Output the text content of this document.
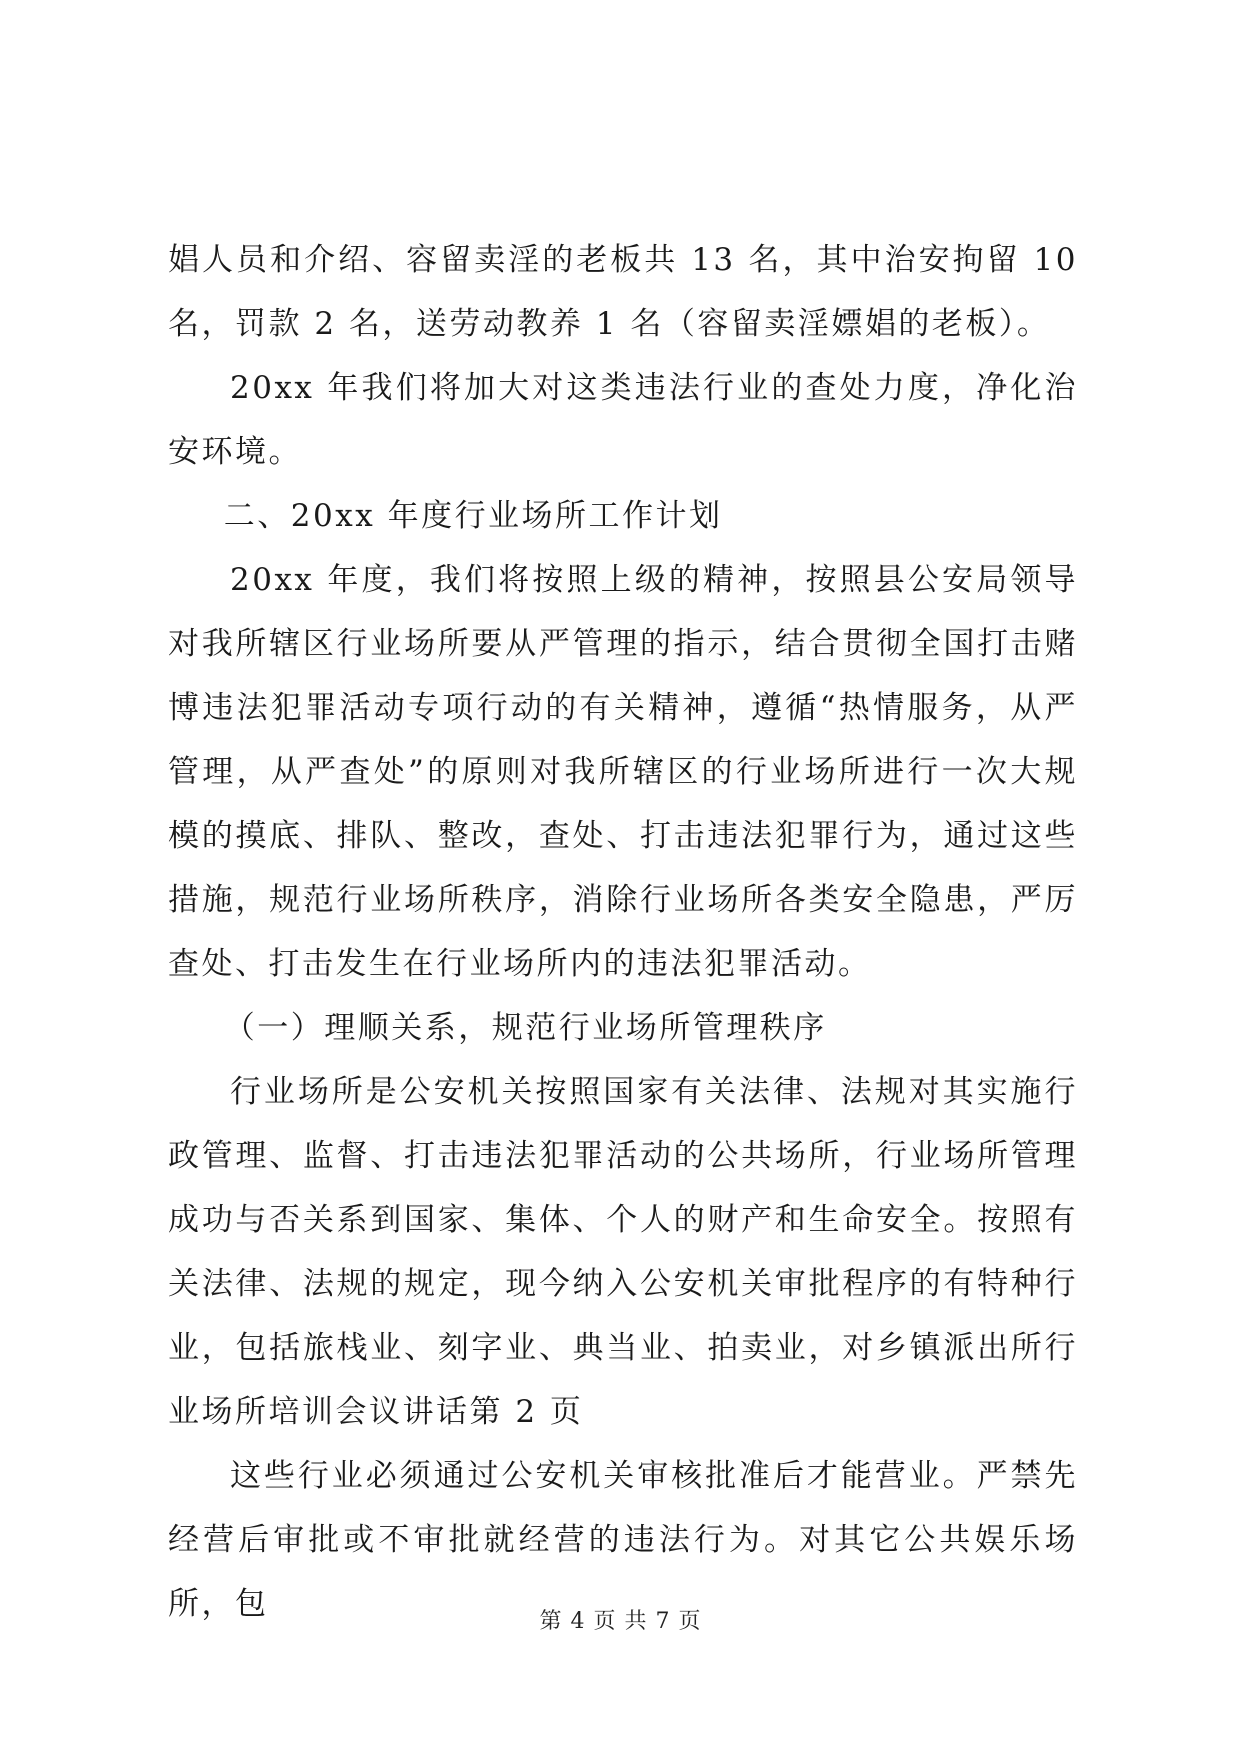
娼人员和介绍、容留卖淫的老板共 13 名，其中治安拘留 10 名，罚款 2 名，送劳动教养 1 名（容留卖淫嫖娼的老板）。

20xx 年我们将加大对这类违法行业的查处力度，净化治安环境。

二、20xx 年度行业场所工作计划

20xx 年度，我们将按照上级的精神，按照县公安局领导对我所辖区行业场所要从严管理的指示，结合贯彻全国打击赌博违法犯罪活动专项行动的有关精神，遵循“热情服务，从严管理，从严查处”的原则对我所辖区的行业场所进行一次大规模的摸底、排队、整改，查处、打击违法犯罪行为，通过这些措施，规范行业场所秩序，消除行业场所各类安全隐患，严厉查处、打击发生在行业场所内的违法犯罪活动。

（一）理顺关系，规范行业场所管理秩序

行业场所是公安机关按照国家有关法律、法规对其实施行政管理、监督、打击违法犯罪活动的公共场所，行业场所管理成功与否关系到国家、集体、个人的财产和生命安全。按照有关法律、法规的规定，现今纳入公安机关审批程序的有特种行业，包括旅栈业、刻字业、典当业、拍卖业，对乡镇派出所行业场所培训会议讲话第 2 页

这些行业必须通过公安机关审核批准后才能营业。严禁先经营后审批或不审批就经营的违法行为。对其它公共娱乐场所，包	第 4 页 共 7 页
